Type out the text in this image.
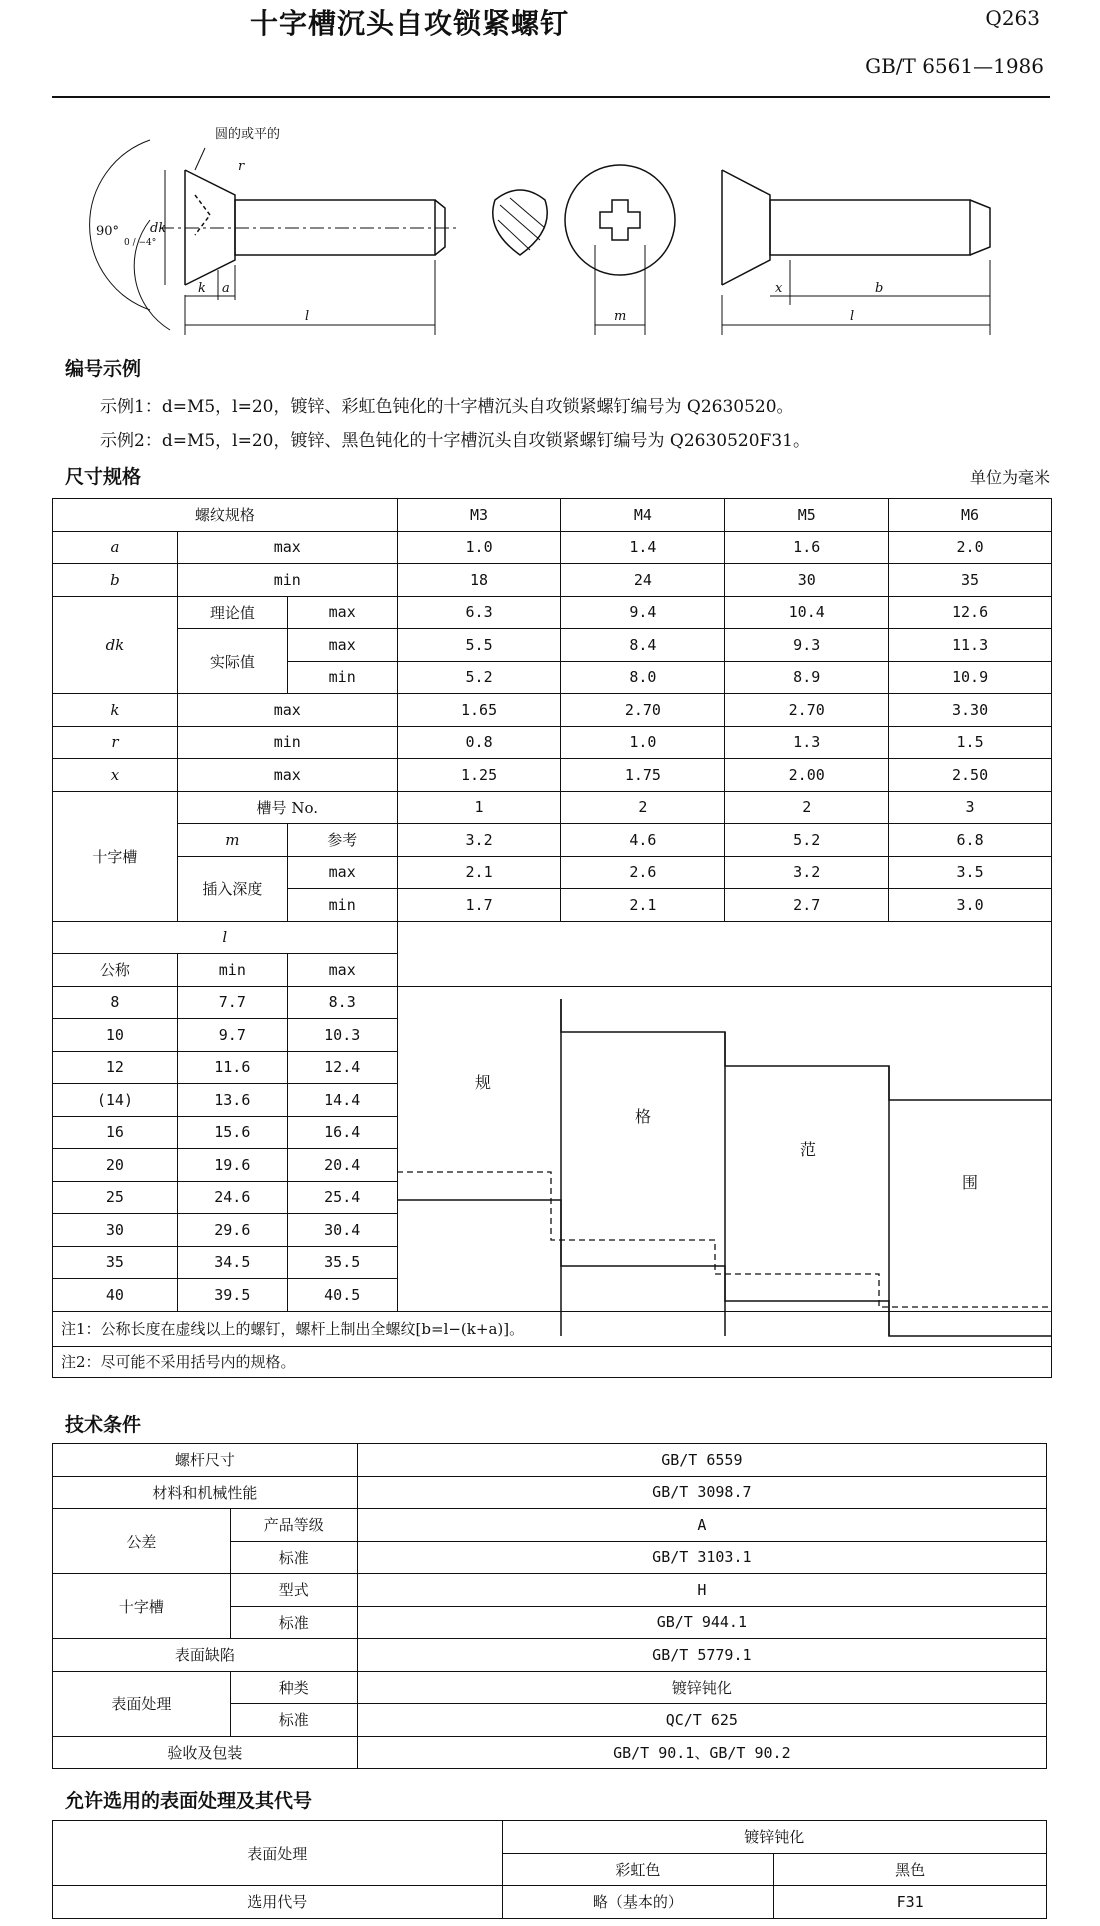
十字槽沉头自攻锁紧螺钉	Q263
GB/T 6561—1986
圆的或平的
r
90°
0 / −4°
dk
k a
l	m
x	b
l
编号示例
示例1：d=M5，l=20，镀锌、彩虹色钝化的十字槽沉头自攻锁紧螺钉编号为 Q2630520。
示例2：d=M5，l=20，镀锌、黑色钝化的十字槽沉头自攻锁紧螺钉编号为 Q2630520F31。
尺寸规格	单位为毫米
螺纹规格			M3	M4	M5	M6
a	max		1.0	1.4	1.6	2.0
b	min		18	24	30	35
dk	理论值	max	6.3	9.4	10.4	12.6
	实际值	max	5.5	8.4	9.3	11.3
		min	5.2	8.0	8.9	10.9
k	max		1.65	2.70	2.70	3.30
r	min		0.8	1.0	1.3	1.5
x	max		1.25	1.75	2.00	2.50
十字槽	槽号 No.		1	2	2	3
	m	参考	3.2	4.6	5.2	6.8
	插入深度	max	2.1	2.6	3.2	3.5
		min	1.7	2.1	2.7	3.0
l						
公称	min	max				
8	7.7	8.3				
10	9.7	10.3				
12	11.6	12.4				
(14)	13.6	14.4				
16	15.6	16.4				
20	19.6	20.4				
25	24.6	25.4				
30	29.6	30.4				
35	34.5	35.5				
40	39.5	40.5				
注1：公称长度在虚线以上的螺钉，螺杆上制出全螺纹[b=l−(k+a)]。						
注2：尽可能不采用括号内的规格。						
规
格
范
围
技术条件
螺杆尺寸		GB/T 6559
材料和机械性能		GB/T 3098.7
公差	产品等级	A
	标准	GB/T 3103.1
十字槽	型式	H
	标准	GB/T 944.1
表面缺陷		GB/T 5779.1
表面处理	种类	镀锌钝化
	标准	QC/T 625
验收及包装		GB/T 90.1、GB/T 90.2
允许选用的表面处理及其代号
表面处理	镀锌钝化	
	彩虹色	黑色
选用代号	略（基本的）	F31
